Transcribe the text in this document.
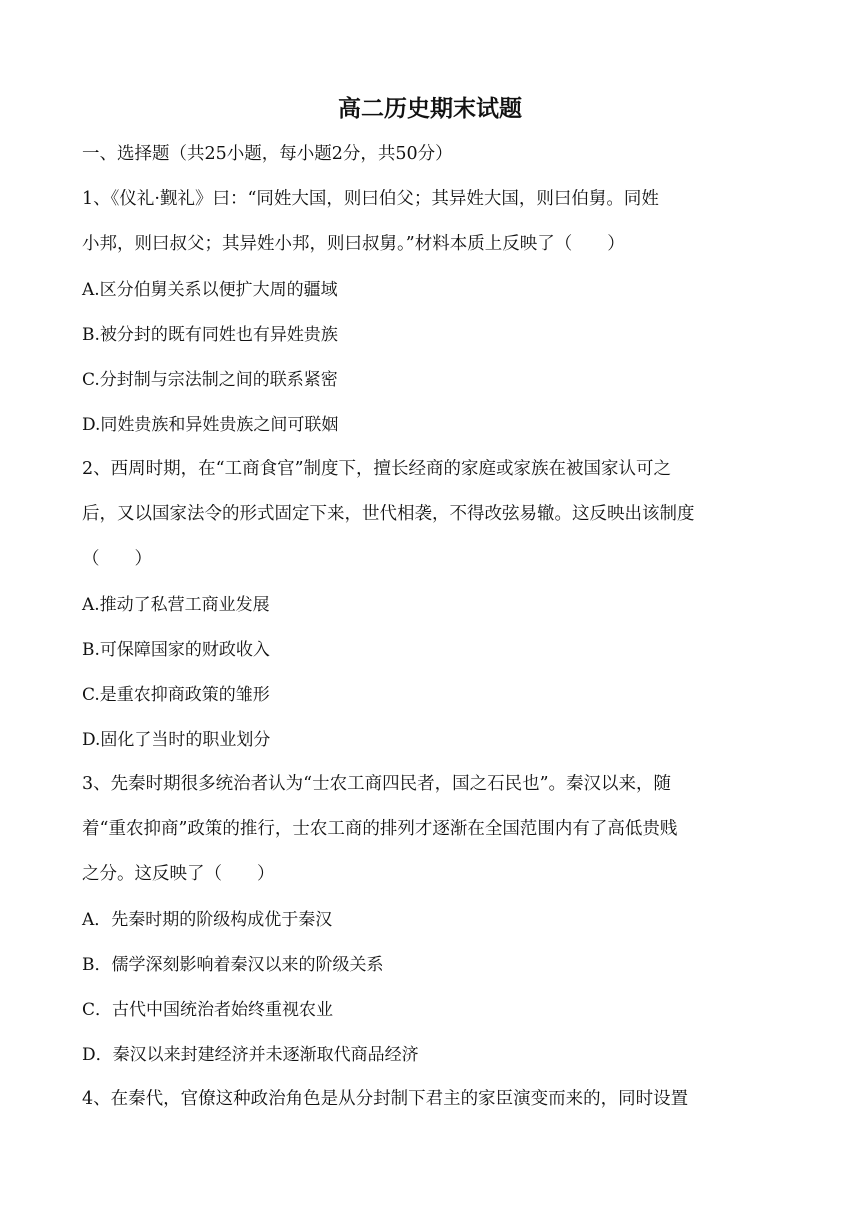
高二历史期末试题
一、选择题（共25小题，每小题2分，共50分）
1、《仪礼·觐礼》曰：“同姓大国，则曰伯父；其异姓大国，则曰伯舅。同姓
小邦，则曰叔父；其异姓小邦，则曰叔舅。”材料本质上反映了（　　）
A.区分伯舅关系以便扩大周的疆域
B.被分封的既有同姓也有异姓贵族
C.分封制与宗法制之间的联系紧密
D.同姓贵族和异姓贵族之间可联姻
2、西周时期，在“工商食官”制度下，擅长经商的家庭或家族在被国家认可之
后，又以国家法令的形式固定下来，世代相袭，不得改弦易辙。这反映出该制度
（　　）
A.推动了私营工商业发展
B.可保障国家的财政收入
C.是重农抑商政策的雏形
D.固化了当时的职业划分
3、先秦时期很多统治者认为“士农工商四民者，国之石民也”。秦汉以来，随
着“重农抑商”政策的推行，士农工商的排列才逐渐在全国范围内有了高低贵贱
之分。这反映了（　　）
A．先秦时期的阶级构成优于秦汉
B．儒学深刻影响着秦汉以来的阶级关系
C．古代中国统治者始终重视农业
D．秦汉以来封建经济并未逐渐取代商品经济
4、在秦代，官僚这种政治角色是从分封制下君主的家臣演变而来的，同时设置
